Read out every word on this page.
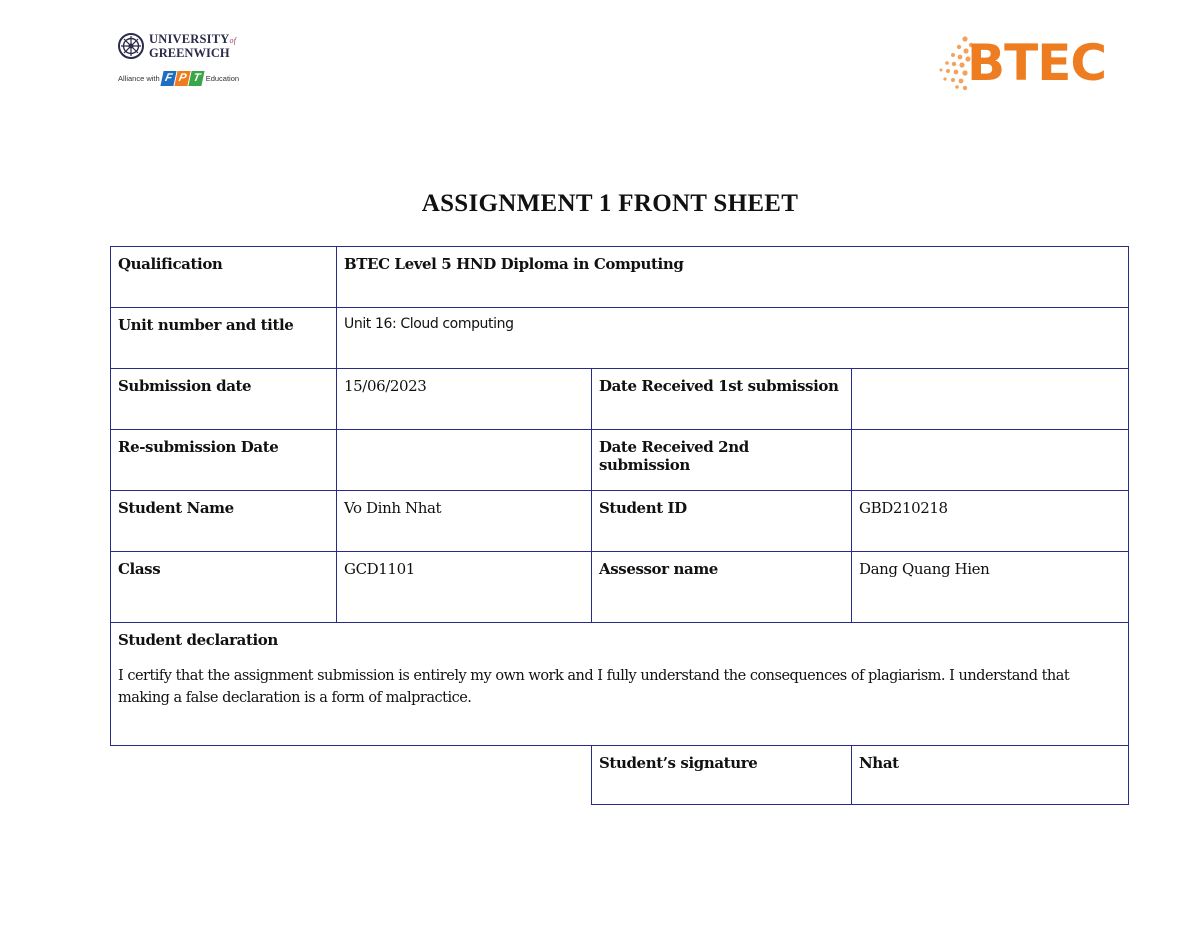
UNIVERSITYof
GREENWICH
Alliance with F P T Education	BTEC
ASSIGNMENT 1 FRONT SHEET
Qualification	BTEC Level 5 HND Diploma in Computing		
Unit number and title	Unit 16: Cloud computing		
Submission date	15/06/2023	Date Received 1st submission	
Re-submission Date		Date Received 2nd submission	
Student Name	Vo Dinh Nhat	Student ID	GBD210218
Class	GCD1101	Assessor name	Dang Quang Hien

Student declaration
I certify that the assignment submission is entirely my own work and I fully understand the consequences of plagiarism. I understand that making a false declaration is a form of malpractice.			

		Student’s signature	Nhat
